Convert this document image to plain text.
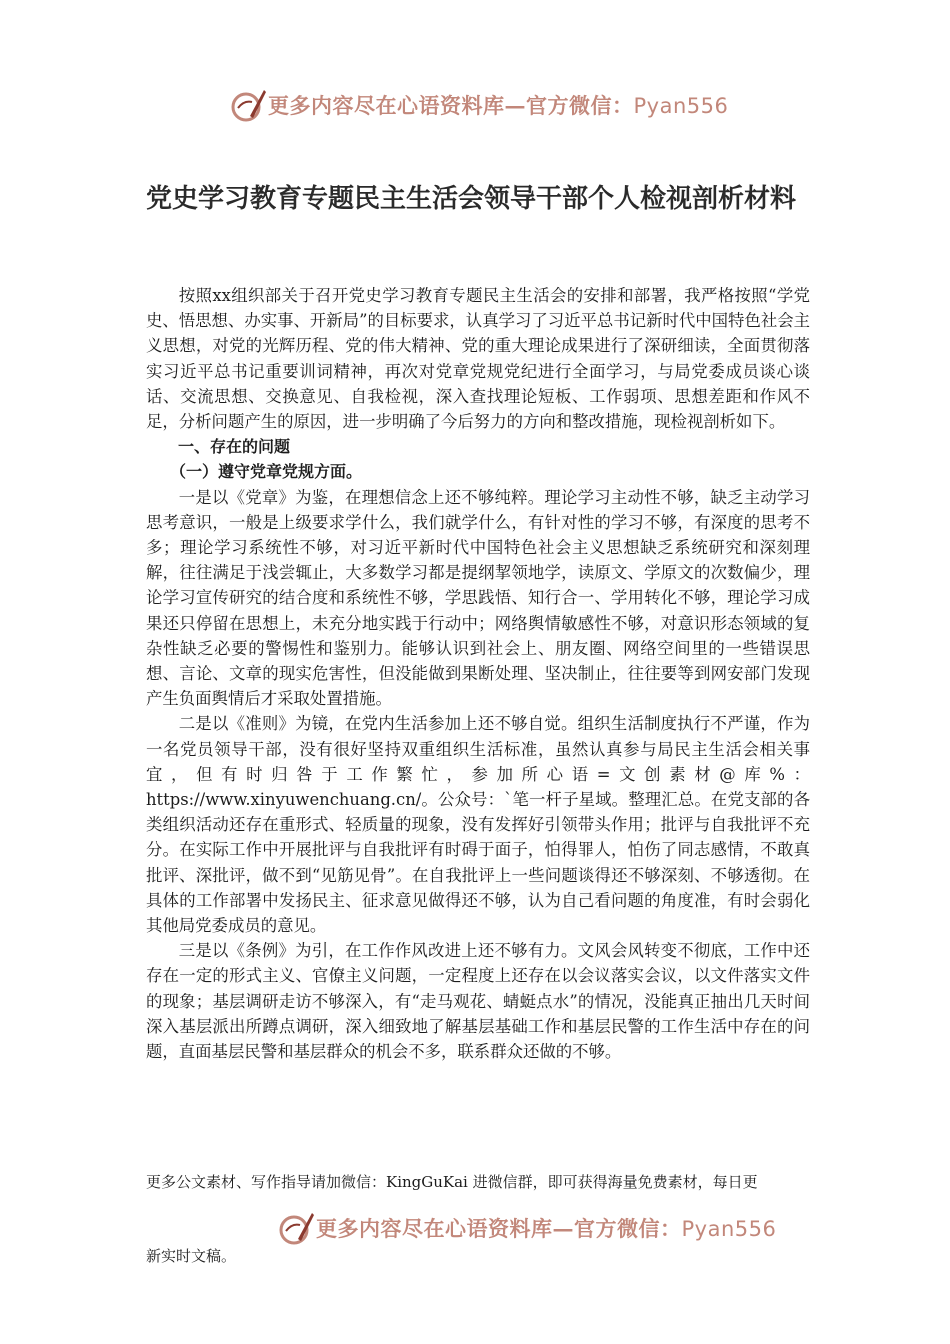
更多内容尽在心语资料库—官方微信：Pyan556
党史学习教育专题民主生活会领导干部个人检视剖析材料

按照xx组织部关于召开党史学习教育专题民主生活会的安排和部署，我严格按照“学党史、悟思想、办实事、开新局”的目标要求，认真学习了习近平总书记新时代中国特色社会主义思想，对党的光辉历程、党的伟大精神、党的重大理论成果进行了深研细读，全面贯彻落实习近平总书记重要训词精神，再次对党章党规党纪进行全面学习，与局党委成员谈心谈话、交流思想、交换意见、自我检视，深入查找理论短板、工作弱项、思想差距和作风不足，分析问题产生的原因，进一步明确了今后努力的方向和整改措施，现检视剖析如下。

一、存在的问题

（一）遵守党章党规方面。

一是以《党章》为鉴，在理想信念上还不够纯粹。理论学习主动性不够，缺乏主动学习思考意识，一般是上级要求学什么，我们就学什么，有针对性的学习不够，有深度的思考不多；理论学习系统性不够，对习近平新时代中国特色社会主义思想缺乏系统研究和深刻理解，往往满足于浅尝辄止，大多数学习都是提纲挈领地学，读原文、学原文的次数偏少，理论学习宣传研究的结合度和系统性不够，学思践悟、知行合一、学用转化不够，理论学习成果还只停留在思想上，未充分地实践于行动中；网络舆情敏感性不够，对意识形态领域的复杂性缺乏必要的警惕性和鉴别力。能够认识到社会上、朋友圈、网络空间里的一些错误思想、言论、文章的现实危害性，但没能做到果断处理、坚决制止，往往要等到网安部门发现产生负面舆情后才采取处置措施。

二是以《准则》为镜，在党内生活参加上还不够自觉。组织生活制度执行不严谨，作为一名党员领导干部，没有很好坚持双重组织生活标准，虽然认真参与局民主生活会相关事宜，但有时归咎于工作繁忙，参加所心语=文创素材@库%：https://www.xinyuwenchuang.cn/。公众号：`笔一杆子星域。整理汇总。在党支部的各类组织活动还存在重形式、轻质量的现象，没有发挥好引领带头作用；批评与自我批评不充分。在实际工作中开展批评与自我批评有时碍于面子，怕得罪人，怕伤了同志感情，不敢真批评、深批评，做不到“见筋见骨”。在自我批评上一些问题谈得还不够深刻、不够透彻。在具体的工作部署中发扬民主、征求意见做得还不够，认为自己看问题的角度准，有时会弱化其他局党委成员的意见。

三是以《条例》为引，在工作作风改进上还不够有力。文风会风转变不彻底，工作中还存在一定的形式主义、官僚主义问题，一定程度上还存在以会议落实会议，以文件落实文件的现象；基层调研走访不够深入，有“走马观花、蜻蜓点水”的情况，没能真正抽出几天时间深入基层派出所蹲点调研，深入细致地了解基层基础工作和基层民警的工作生活中存在的问题，直面基层民警和基层群众的机会不多，联系群众还做的不够。

更多公文素材、写作指导请加微信：KingGuKai 进微信群，即可获得海量免费素材，每日更
更多内容尽在心语资料库—官方微信：Pyan556
新实时文稿。
